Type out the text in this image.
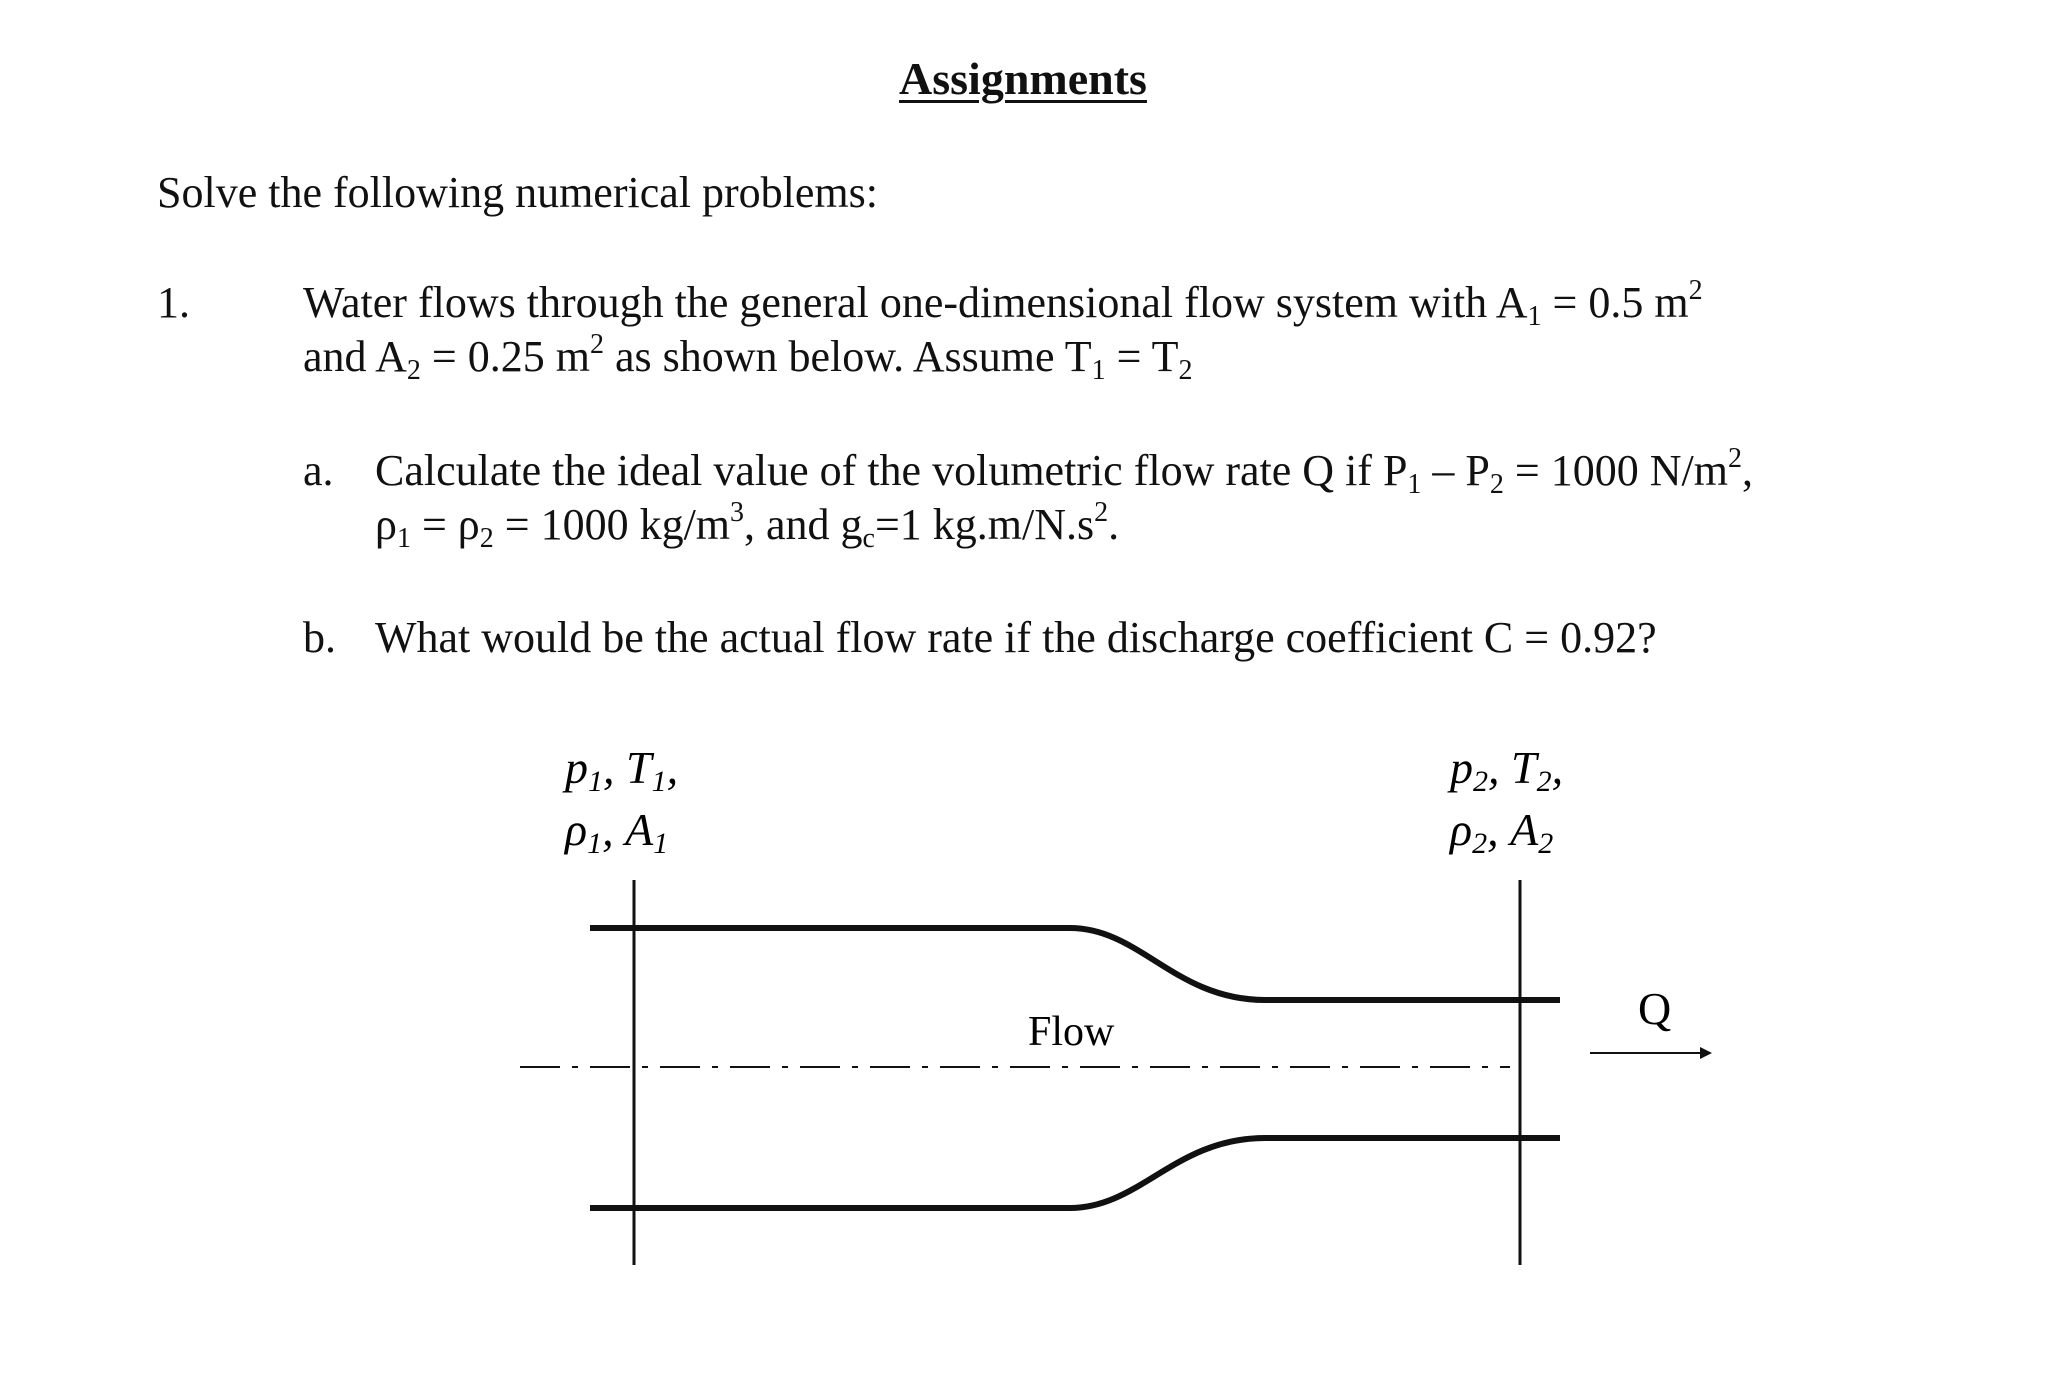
Assignments
Solve the following numerical problems:
1.	Water flows through the general one-dimensional flow system with $A_1 = 0.5$ $m^2$
and $A_2 = 0.25$ $m^2$ as shown below. Assume $T_1 = T_2$
a. Calculate the ideal value of the volumetric flow rate Q if $P_1 - P_2 = 1000$ $N/m^2$,
$\rho_1 = \rho_2 = 1000$ $kg/m^3$, and $g_c=1$ $kg.m/N.s^2$.
b. What would be the actual flow rate if the discharge coefficient C = 0.92?
p1, T1,
ρ1, A1
p2, T2,
ρ2, A2
Flow	Q
